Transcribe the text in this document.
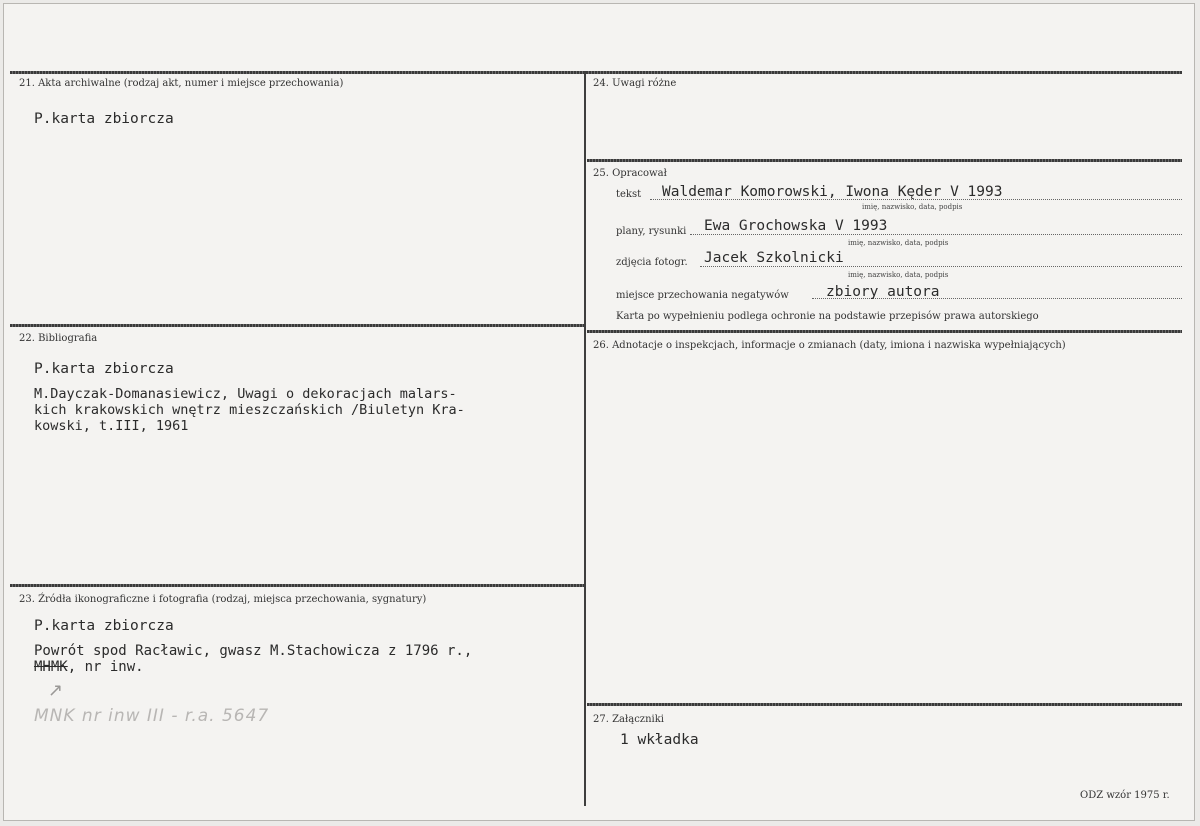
21. Akta archiwalne (rodzaj akt, numer i miejsce przechowania)
P.karta zbiorcza
22. Bibliografia
P.karta zbiorcza
M.Dayczak-Domanasiewicz, Uwagi o dekoracjach malars-
kich krakowskich wnętrz mieszczańskich /Biuletyn Kra-
kowski, t.III, 1961
23. Źródła ikonograficzne i fotografia (rodzaj, miejsca przechowania, sygnatury)
P.karta zbiorcza
Powrót spod Racławic, gwasz M.Stachowicza z 1796 r.,
MHMK, nr inw.
↗
MNK nr inw III - r.a. 5647
24. Uwagi różne
25. Opracował
tekst Waldemar Komorowski, Iwona Kęder V 1993
imię, nazwisko, data, podpis
plany, rysunki Ewa Grochowska V 1993
imię, nazwisko, data, podpis
zdjęcia fotogr. Jacek Szkolnicki
imię, nazwisko, data, podpis
miejsce przechowania negatywów	zbiory autora
Karta po wypełnieniu podlega ochronie na podstawie przepisów prawa autorskiego
26. Adnotacje o inspekcjach, informacje o zmianach (daty, imiona i nazwiska wypełniających)
27. Załączniki
1 wkładka
ODZ wzór 1975 r.
